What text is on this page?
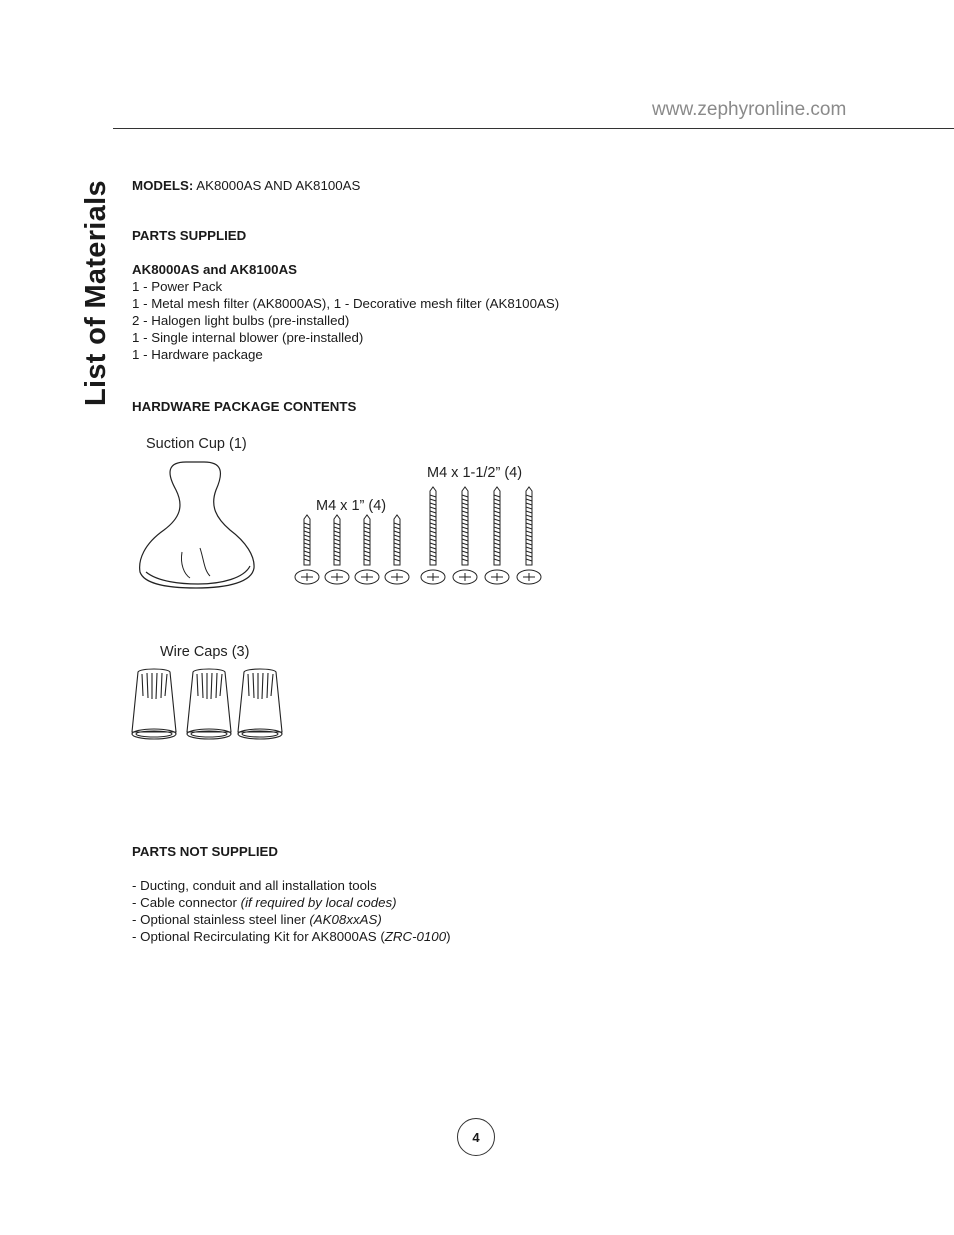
www.zephyronline.com
List of Materials MODELS: AK8000AS AND AK8100AS
PARTS SUPPLIED
AK8000AS and AK8100AS
1 - Power Pack
1 - Metal mesh filter (AK8000AS), 1 - Decorative mesh filter (AK8100AS)
2 - Halogen light bulbs (pre-installed)
1 - Single internal blower (pre-installed)
1 - Hardware package
HARDWARE PACKAGE CONTENTS
Suction Cup (1)
M4 x 1” (4)
M4 x 1-1/2” (4)
Wire Caps (3)
PARTS NOT SUPPLIED
- Ducting, conduit and all installation tools
- Cable connector (if required by local codes)
- Optional stainless steel liner (AK08xxAS)
- Optional Recirculating Kit for AK8000AS (ZRC-0100)
4
